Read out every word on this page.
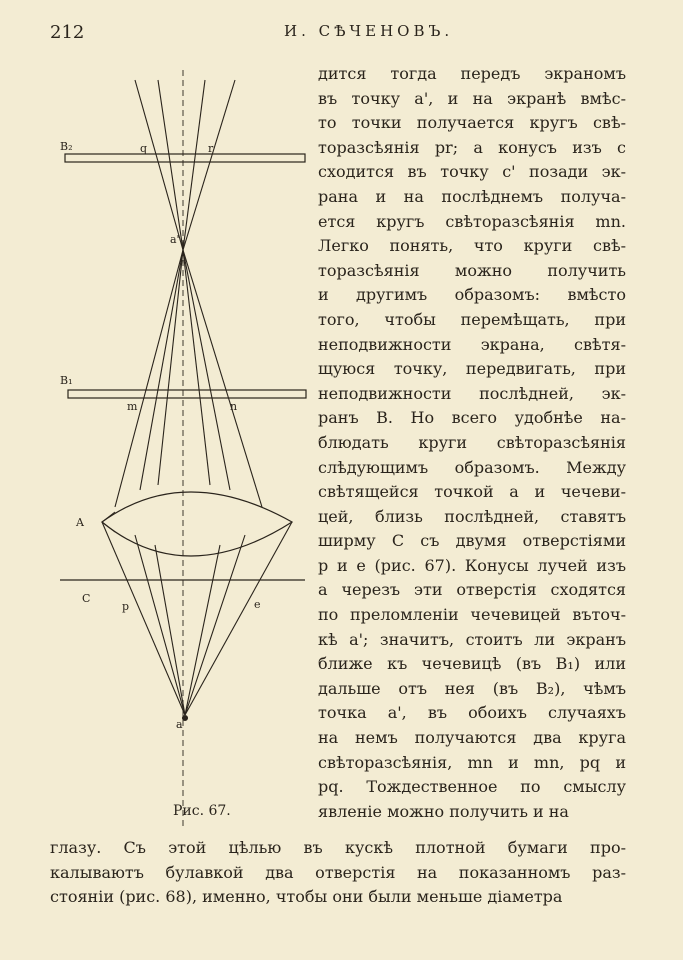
212	И. СѢЧЕНОВЪ.
a
a'
A
C
B₂
B₁
p	e
q	r
m	n
Рис. 67.
дится тогда передъ экраномъ
въ точку a', и на экранѣ вмѣс-
то точки получается кругъ свѣ-
торазсѣянія pr; а конусъ изъ c
сходится въ точку c' позади эк-
рана и на послѣднемъ получа-
ется кругъ свѣторазсѣянія mn.
Легко понять, что круги свѣ-
торазсѣянія можно получить
и другимъ образомъ: вмѣсто
того, чтобы перемѣщать, при
неподвижности экрана, свѣтя-
щуюся точку, передвигать, при
неподвижности послѣдней, эк-
ранъ B. Но всего удобнѣе на-
блюдать круги свѣторазсѣянія
слѣдующимъ образомъ. Между
свѣтящейся точкой a и чечеви-
цей, близь послѣдней, ставятъ
ширму C съ двумя отверстіями
p и e (рис. 67). Конусы лучей изъ
a черезъ эти отверстія сходятся
по преломленіи чечевицей въточ-
кѣ a'; значитъ, стоитъ ли экранъ
ближе къ чечевицѣ (въ B₁) или
дальше отъ нея (въ B₂), чѣмъ
точка a', въ обоихъ случаяхъ
на немъ получаются два круга
свѣторазсѣянія, mn и mn, pq и
pq. Тождественное по смыслу
явленіе можно получить и на
глазу. Съ этой цѣлью въ кускѣ плотной бумаги про-
калываютъ булавкой два отверстія на показанномъ раз-
стояніи (рис. 68), именно, чтобы они были меньше діаметра
